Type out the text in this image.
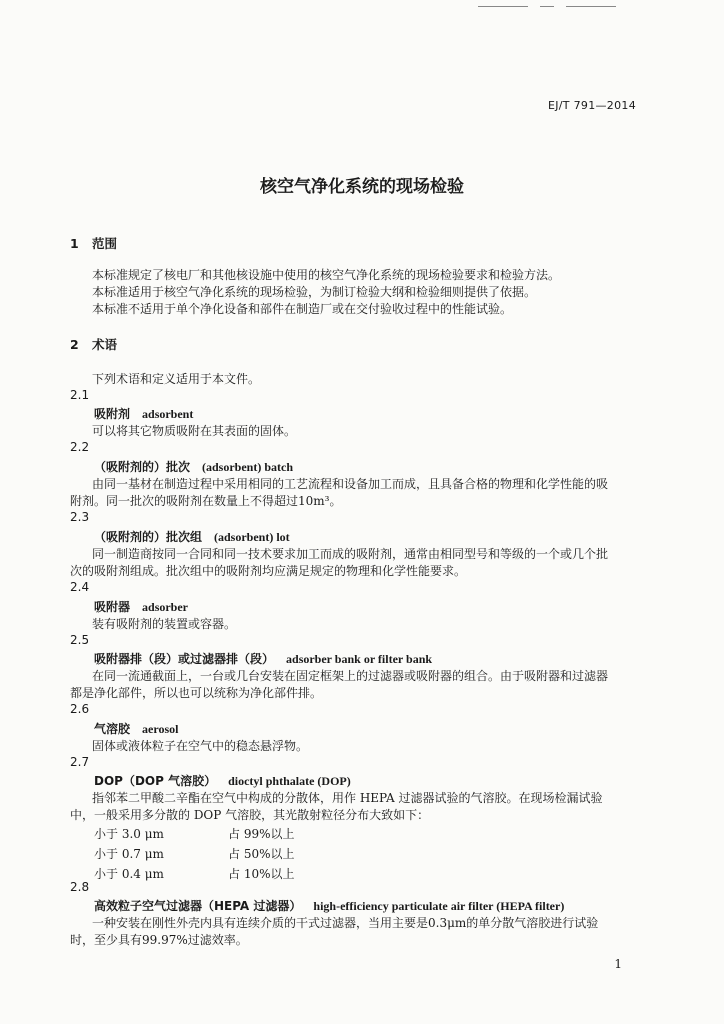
EJ/T 791—2014
核空气净化系统的现场检验
1 范围
本标准规定了核电厂和其他核设施中使用的核空气净化系统的现场检验要求和检验方法。
本标准适用于核空气净化系统的现场检验，为制订检验大纲和检验细则提供了依据。
本标准不适用于单个净化设备和部件在制造厂或在交付验收过程中的性能试验。
2 术语
下列术语和定义适用于本文件。
2.1
吸附剂 adsorbent
可以将其它物质吸附在其表面的固体。
2.2
（吸附剂的）批次 (adsorbent) batch
由同一基材在制造过程中采用相同的工艺流程和设备加工而成，且具备合格的物理和化学性能的吸
附剂。同一批次的吸附剂在数量上不得超过10m³。
2.3
（吸附剂的）批次组 (adsorbent) lot
同一制造商按同一合同和同一技术要求加工而成的吸附剂，通常由相同型号和等级的一个或几个批
次的吸附剂组成。批次组中的吸附剂均应满足规定的物理和化学性能要求。
2.4
吸附器 adsorber
装有吸附剂的装置或容器。
2.5
吸附器排（段）或过滤器排（段） adsorber bank or filter bank
在同一流通截面上，一台或几台安装在固定框架上的过滤器或吸附器的组合。由于吸附器和过滤器
都是净化部件，所以也可以统称为净化部件排。
2.6
气溶胶 aerosol
固体或液体粒子在空气中的稳态悬浮物。
2.7
DOP（DOP 气溶胶） dioctyl phthalate (DOP)
指邻苯二甲酸二辛酯在空气中构成的分散体，用作 HEPA 过滤器试验的气溶胶。在现场检漏试验
中，一般采用多分散的 DOP 气溶胶，其光散射粒径分布大致如下：
小于 3.0 μm	占 99%以上
小于 0.7 μm	占 50%以上
小于 0.4 μm	占 10%以上
2.8
高效粒子空气过滤器（HEPA 过滤器） high-efficiency particulate air filter (HEPA filter)
一种安装在刚性外壳内具有连续介质的干式过滤器，当用主要是0.3μm的单分散气溶胶进行试验
时，至少具有99.97%过滤效率。
1
